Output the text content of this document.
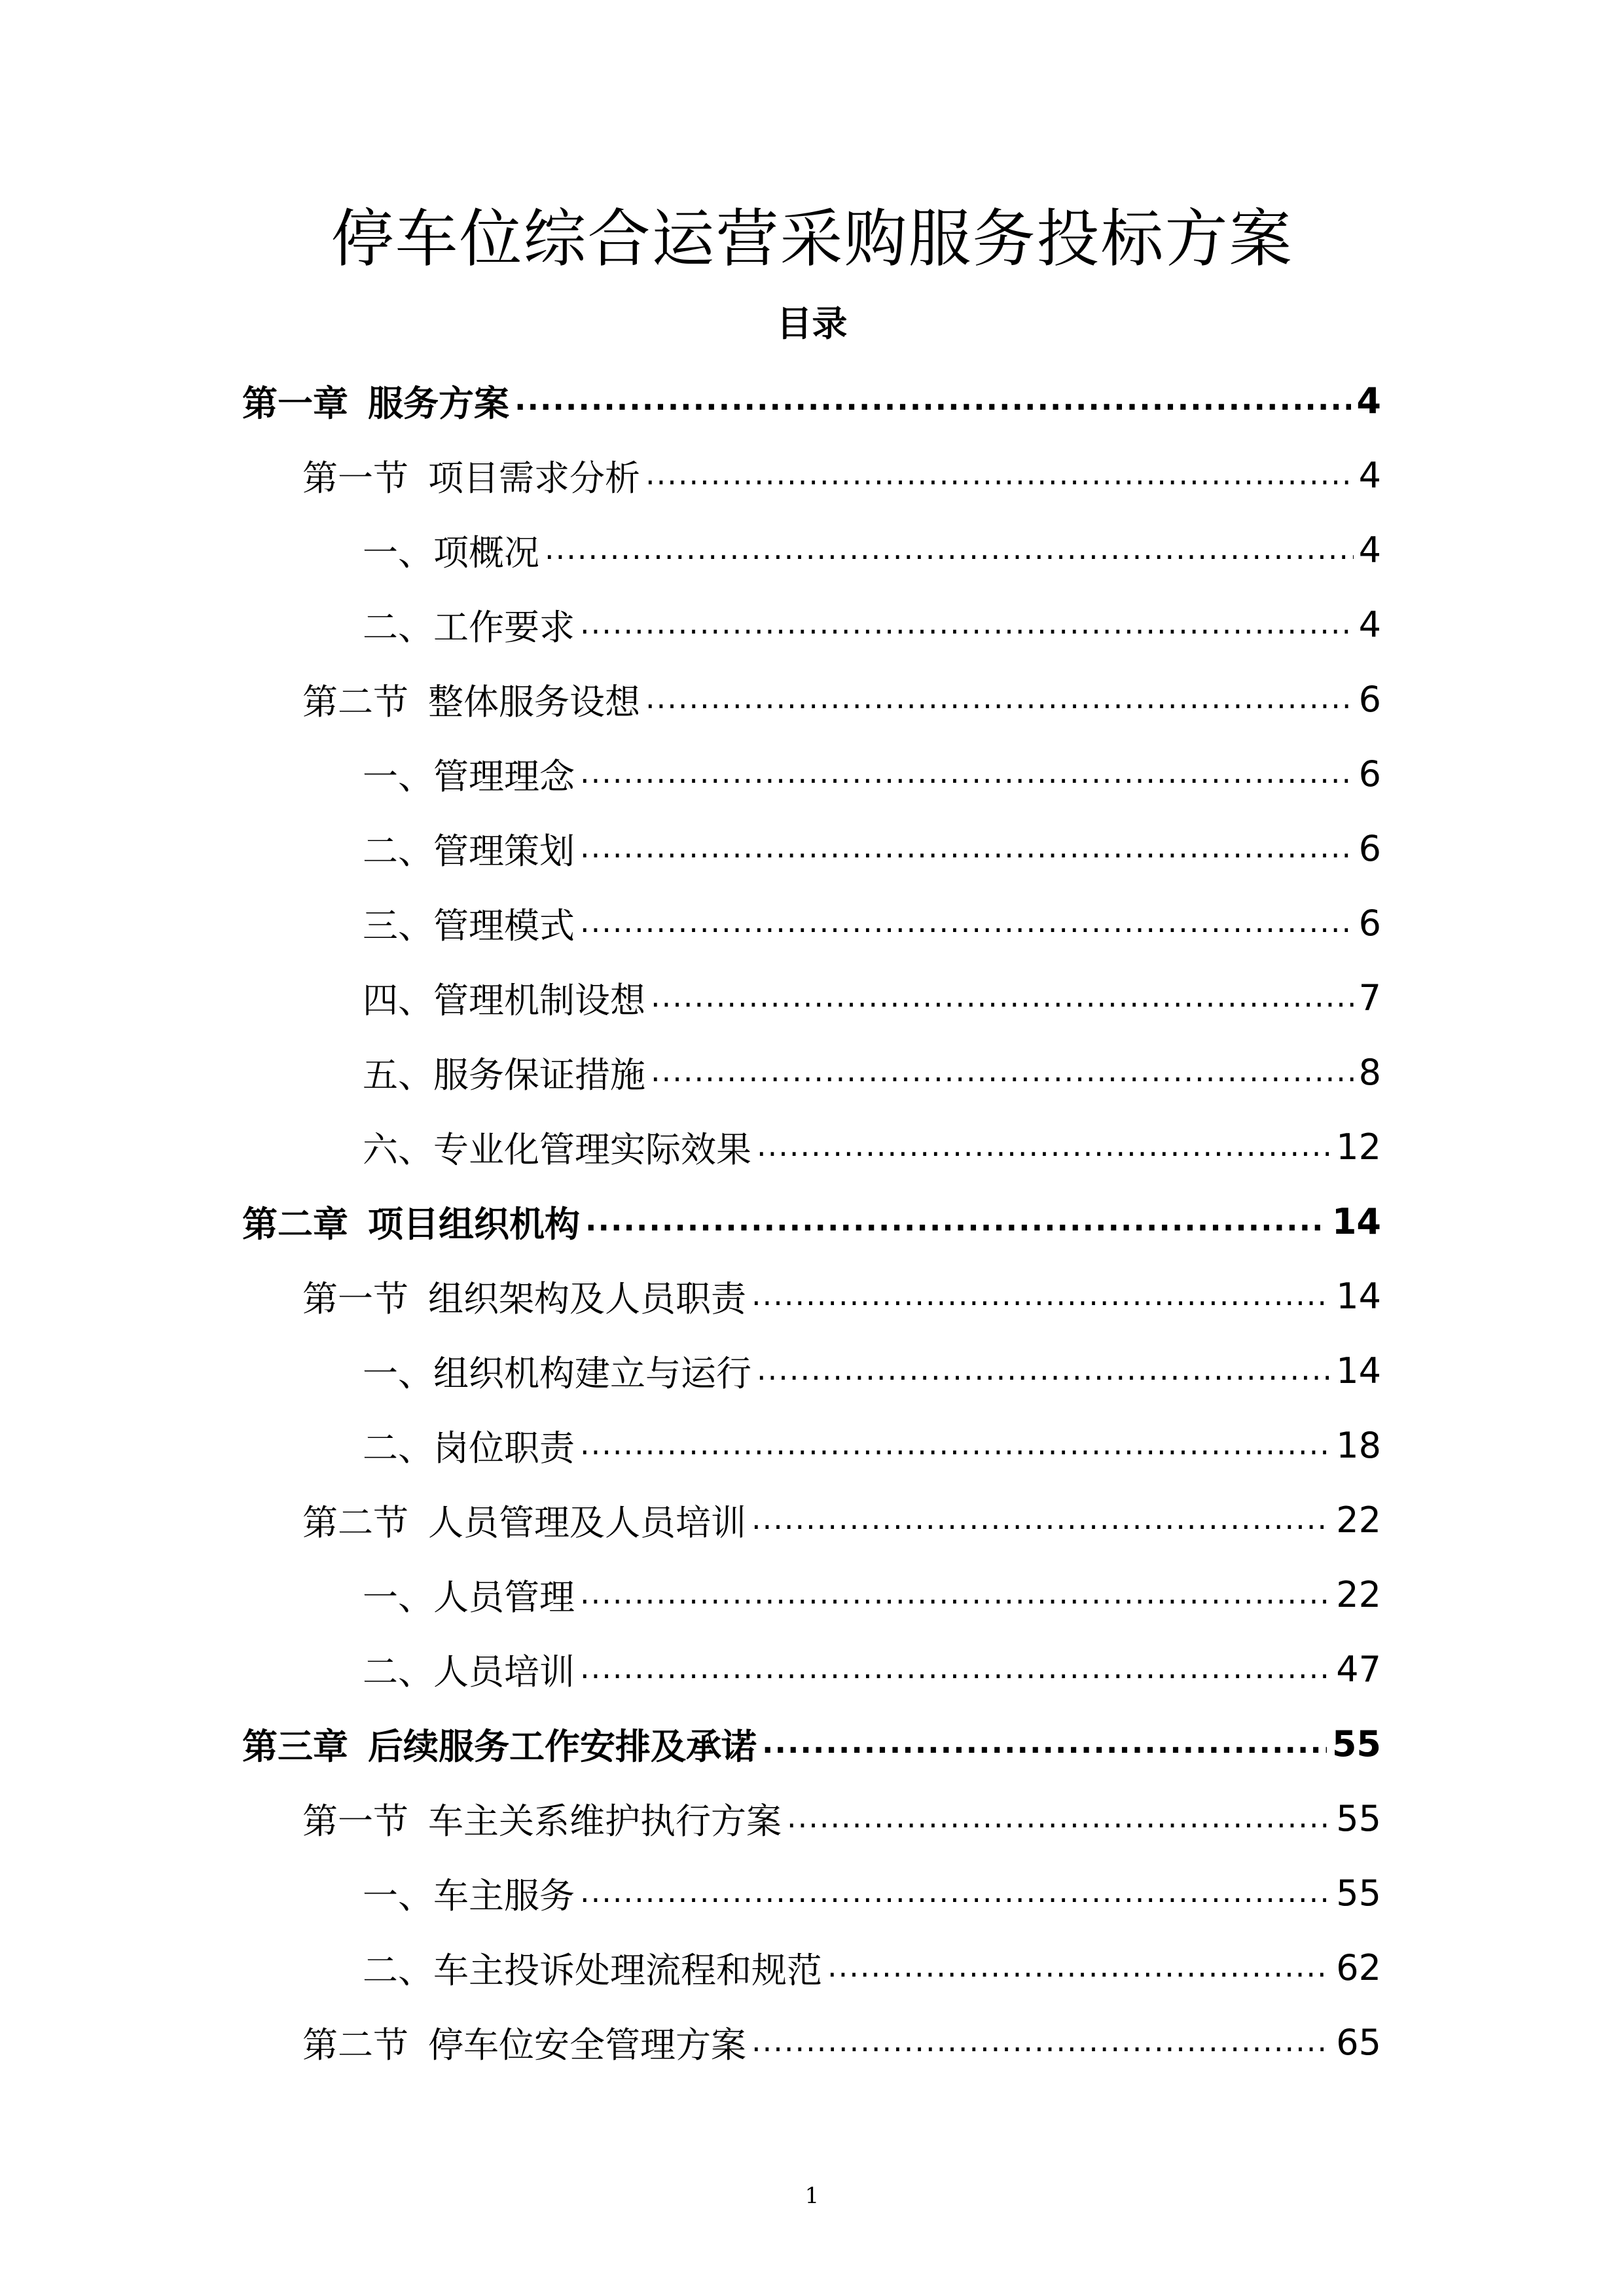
停车位综合运营采购服务投标方案
目录
第一章 服务方案 .....	4
第一节 项目需求分析 .....	4
一、项概况 .....	4
二、工作要求 .....	4
第二节 整体服务设想 .....	6
一、管理理念 .....	6
二、管理策划 .....	6
三、管理模式 .....	6
四、管理机制设想 .....	7
五、服务保证措施 .....	8
六、专业化管理实际效果 .....	12
第二章 项目组织机构 .....	14
第一节 组织架构及人员职责 .....	14
一、组织机构建立与运行 .....	14
二、岗位职责 .....	18
第二节 人员管理及人员培训 .....	22
一、人员管理 .....	22
二、人员培训 .....	47
第三章 后续服务工作安排及承诺 .....	55
第一节 车主关系维护执行方案 .....	55
一、车主服务 .....	55
二、车主投诉处理流程和规范 .....	62
第二节 停车位安全管理方案 .....	65
1
